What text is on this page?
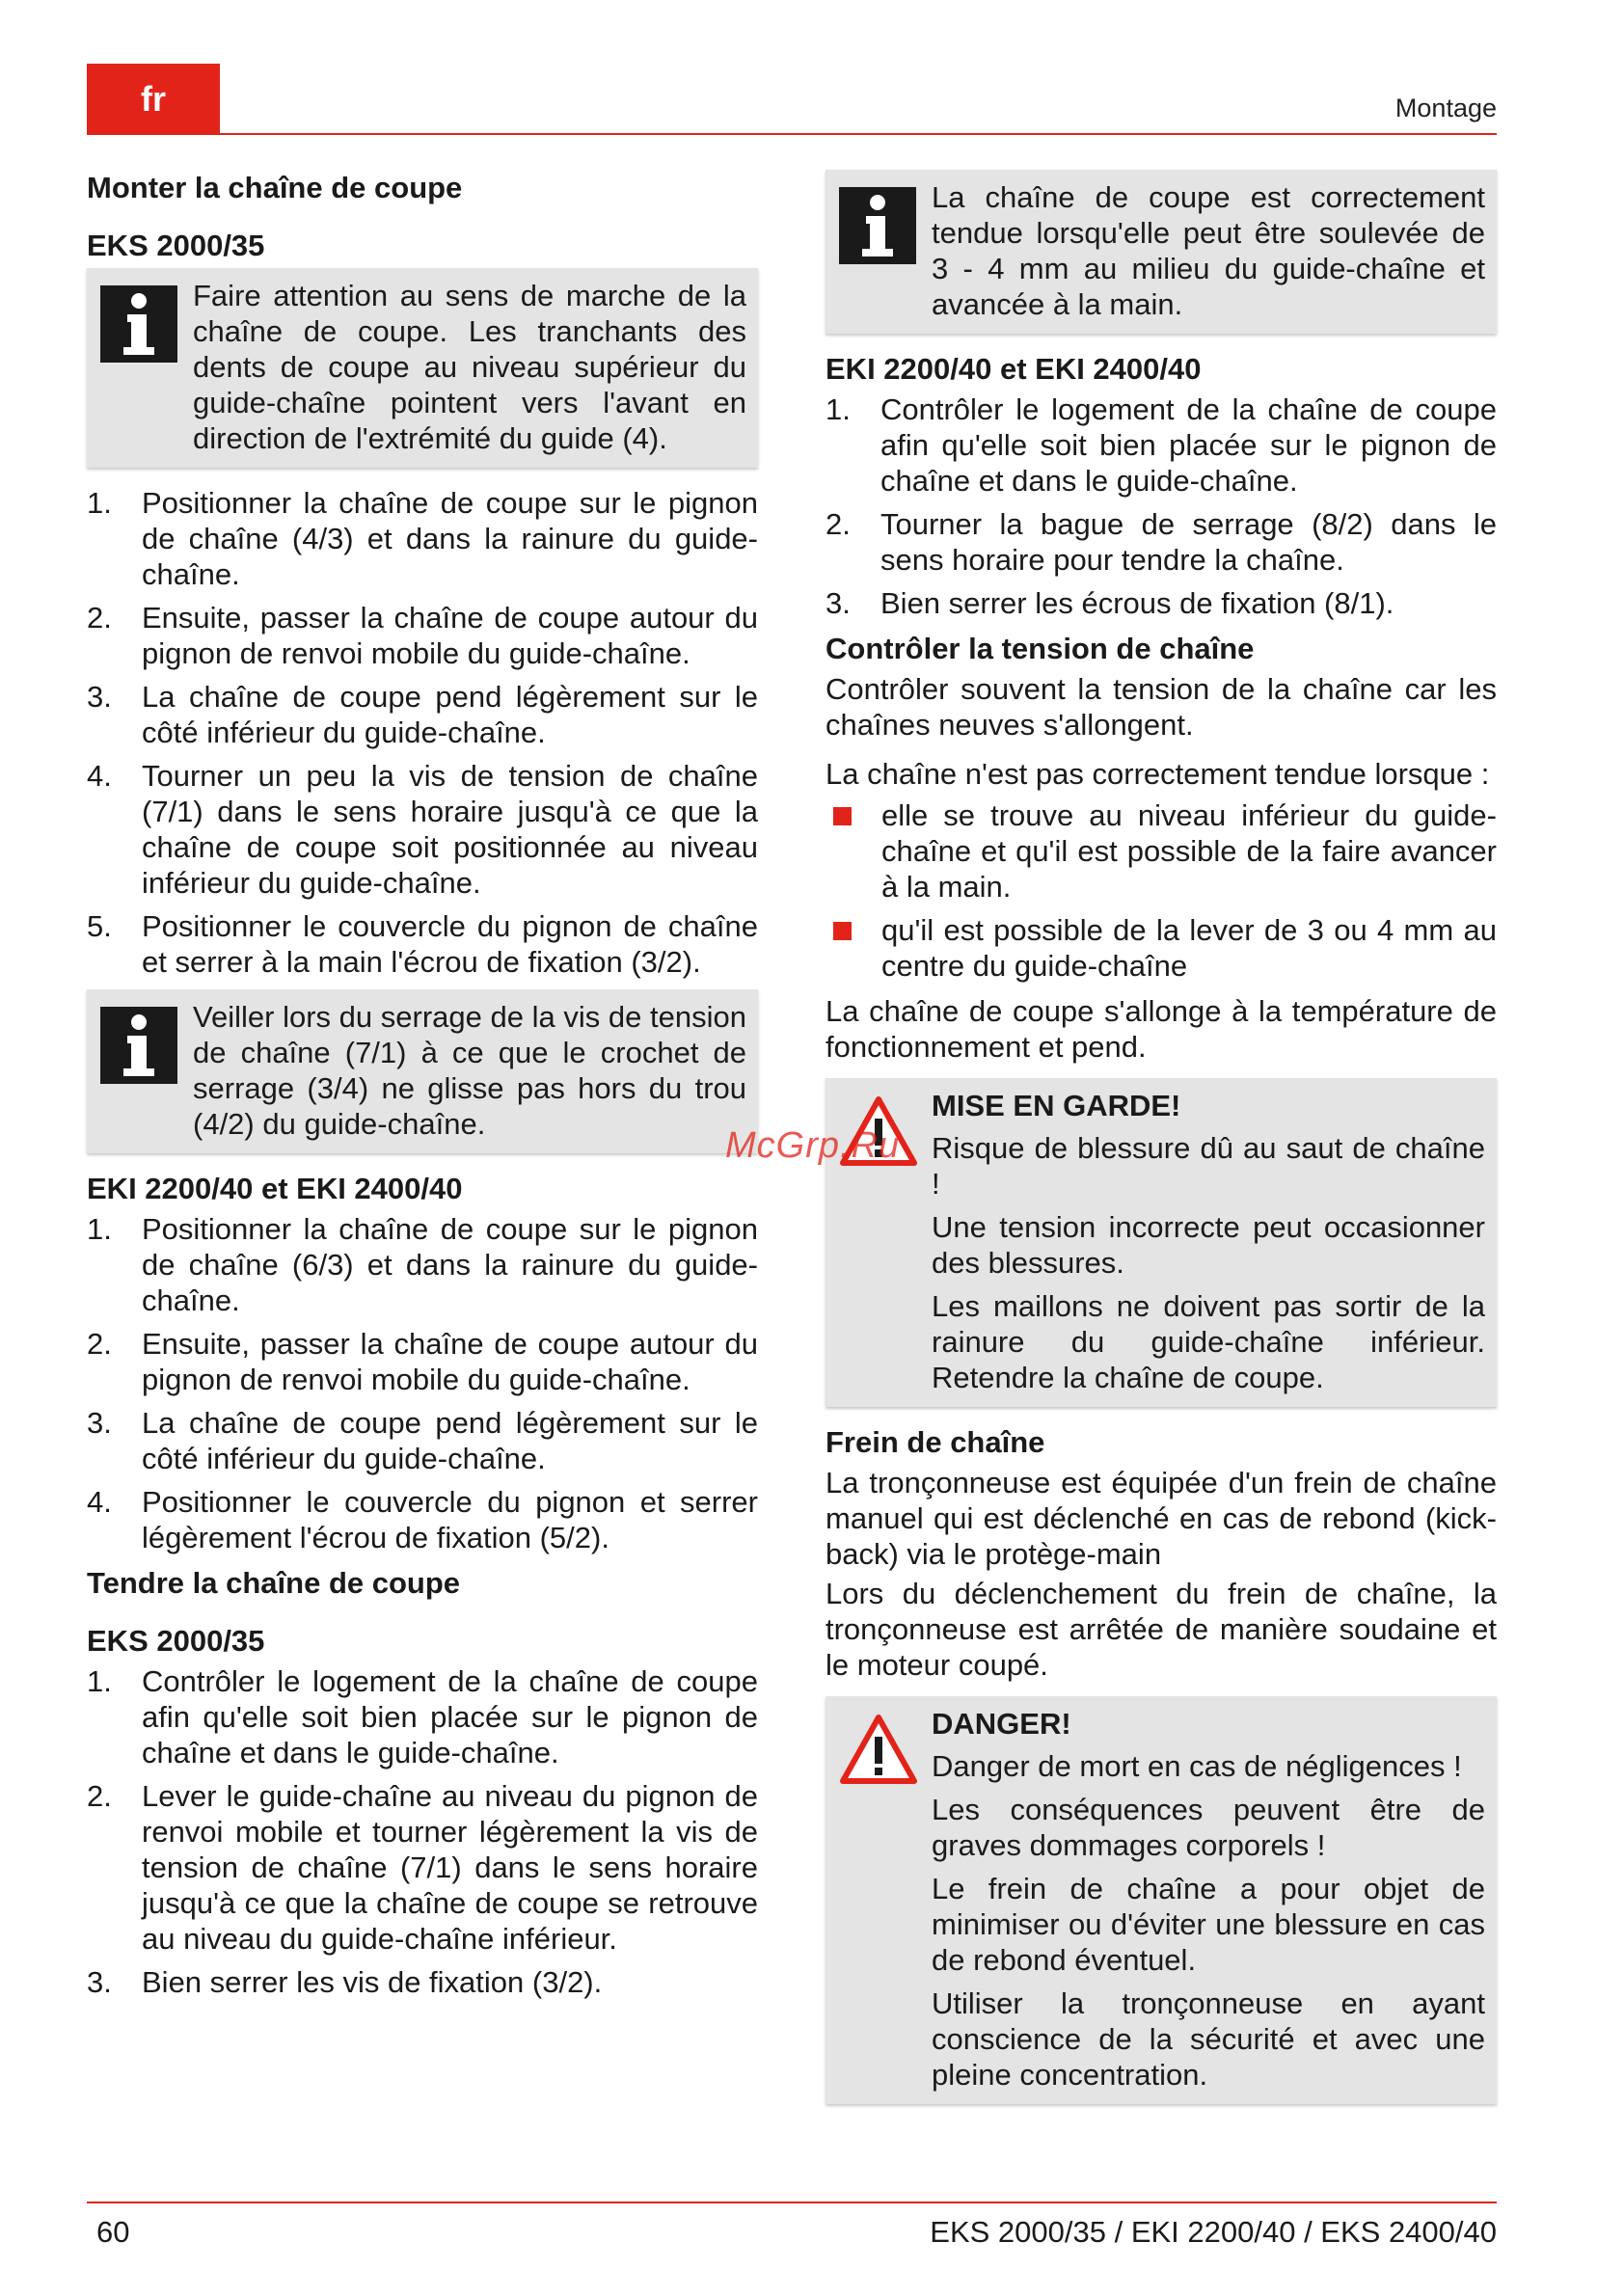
fr	Montage
Monter la chaîne de coupe
EKS 2000/35

Faire attention au sens de marche de la chaîne de coupe. Les tranchants des dents de coupe au niveau supérieur du guide-chaîne pointent vers l'avant en direction de l'extrémité du guide (4).

1.	Positionner la chaîne de coupe sur le pignon de chaîne (4/3) et dans la rainure du guide-chaîne.
2.	Ensuite, passer la chaîne de coupe autour du pignon de renvoi mobile du guide-chaîne.
3.	La chaîne de coupe pend légèrement sur le côté inférieur du guide-chaîne.
4.	Tourner un peu la vis de tension de chaîne (7/1) dans le sens horaire jusqu'à ce que la chaîne de coupe soit positionnée au niveau inférieur du guide-chaîne.
5.	Positionner le couvercle du pignon de chaîne et serrer à la main l'écrou de fixation (3/2).

Veiller lors du serrage de la vis de tension de chaîne (7/1) à ce que le crochet de serrage (3/4) ne glisse pas hors du trou (4/2) du guide-chaîne.

EKI 2200/40 et EKI 2400/40
1.	Positionner la chaîne de coupe sur le pignon de chaîne (6/3) et dans la rainure du guide-chaîne.
2.	Ensuite, passer la chaîne de coupe autour du pignon de renvoi mobile du guide-chaîne.
3.	La chaîne de coupe pend légèrement sur le côté inférieur du guide-chaîne.
4.	Positionner le couvercle du pignon et serrer légèrement l'écrou de fixation (5/2).
Tendre la chaîne de coupe
EKS 2000/35
1.	Contrôler le logement de la chaîne de coupe afin qu'elle soit bien placée sur le pignon de chaîne et dans le guide-chaîne.
2.	Lever le guide-chaîne au niveau du pignon de renvoi mobile et tourner légèrement la vis de tension de chaîne (7/1) dans le sens horaire jusqu'à ce que la chaîne de coupe se retrouve au niveau du guide-chaîne inférieur.
3.	Bien serrer les vis de fixation (3/2).

La chaîne de coupe est correctement tendue lorsqu'elle peut être soulevée de 3 - 4 mm au milieu du guide-chaîne et avancée à la main.

EKI 2200/40 et EKI 2400/40
1.	Contrôler le logement de la chaîne de coupe afin qu'elle soit bien placée sur le pignon de chaîne et dans le guide-chaîne.
2.	Tourner la bague de serrage (8/2) dans le sens horaire pour tendre la chaîne.
3.	Bien serrer les écrous de fixation (8/1).
Contrôler la tension de chaîne

Contrôler souvent la tension de la chaîne car les chaînes neuves s'allongent.

La chaîne n'est pas correctement tendue lorsque :

elle se trouve au niveau inférieur du guide-chaîne et qu'il est possible de la faire avancer à la main.
qu'il est possible de la lever de 3 ou 4 mm au centre du guide-chaîne

La chaîne de coupe s'allonge à la température de fonctionnement et pend.

MISE EN GARDE!

Risque de blessure dû au saut de chaîne !

Une tension incorrecte peut occasionner des blessures.

Les maillons ne doivent pas sortir de la rainure du guide-chaîne inférieur. Retendre la chaîne de coupe.

Frein de chaîne

La tronçonneuse est équipée d'un frein de chaîne manuel qui est déclenché en cas de rebond (kick-back) via le protège-main

Lors du déclenchement du frein de chaîne, la tronçonneuse est arrêtée de manière soudaine et le moteur coupé.

DANGER!

Danger de mort en cas de négligences !

Les conséquences peuvent être de graves dommages corporels !

Le frein de chaîne a pour objet de minimiser ou d'éviter une blessure en cas de rebond éventuel.

Utiliser la tronçonneuse en ayant conscience de la sécurité et avec une pleine concentration.

McGrp.Ru
60	EKS 2000/35 / EKI 2200/40 / EKS 2400/40
